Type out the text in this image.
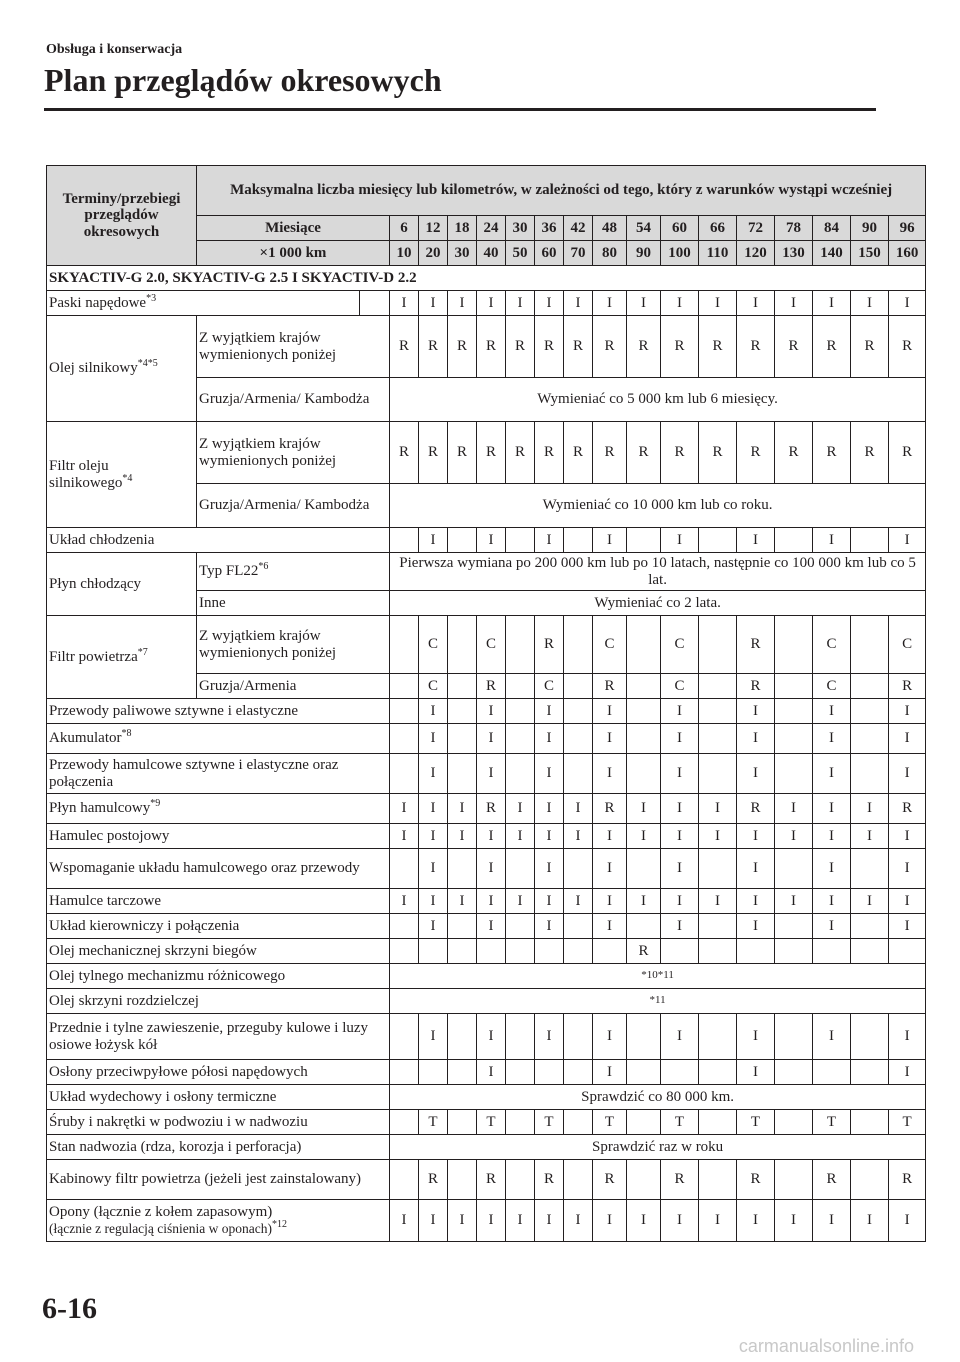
Obsługa i konserwacja
Plan przeglądów okresowych
Terminy/przebiegi przeglądów okresowych	Maksymalna liczba miesięcy lub kilometrów, w zależności od tego, który z warunków wystąpi wcześniej
Miesiące	6	12	18	24	30	36	42	48	54	60	66	72	78	84	90	96
×1 000 km	10	20	30	40	50	60	70	80	90	100	110	120	130	140	150	160
SKYACTIV-G 2.0, SKYACTIV-G 2.5 I SKYACTIV-D 2.2
Paski napędowe$^{*3}$		I	I	I	I	I	I	I	I	I	I	I	I	I	I	I	I
Olej silnikowy$^{*4*5}$	Z wyjątkiem krajów wymienionych poniżej	R	R	R	R	R	R	R	R	R	R	R	R	R	R	R	R
Gruzja/Armenia/ Kambodża	Wymieniać co 5 000 km lub 6 miesięcy.
Filtr oleju silnikowego$^{*4}$	Z wyjątkiem krajów wymienionych poniżej	R	R	R	R	R	R	R	R	R	R	R	R	R	R	R	R
Gruzja/Armenia/ Kambodża	Wymieniać co 10 000 km lub co roku.
Układ chłodzenia		I		I		I		I		I		I		I		I
Płyn chłodzący	Typ FL22$^{*6}$	Pierwsza wymiana po 200 000 km lub po 10 latach, następnie co 100 000 km lub co 5 lat.
Inne	Wymieniać co 2 lata.
Filtr powietrza$^{*7}$	Z wyjątkiem krajów wymienionych poniżej		C		C		R		C		C		R		C		C
Gruzja/Armenia		C		R		C		R		C		R		C		R
Przewody paliwowe sztywne i elastyczne		I		I		I		I		I		I		I		I
Akumulator$^{*8}$		I		I		I		I		I		I		I		I
Przewody hamulcowe sztywne i elastyczne oraz połączenia		I		I		I		I		I		I		I		I
Płyn hamulcowy$^{*9}$	I	I	I	R	I	I	I	R	I	I	I	R	I	I	I	R
Hamulec postojowy	I	I	I	I	I	I	I	I	I	I	I	I	I	I	I	I
Wspomaganie układu hamulcowego oraz przewody		I		I		I		I		I		I		I		I
Hamulce tarczowe	I	I	I	I	I	I	I	I	I	I	I	I	I	I	I	I
Układ kierowniczy i połączenia		I		I		I		I		I		I		I		I
Olej mechanicznej skrzyni biegów									R							
Olej tylnego mechanizmu różnicowego	*10*11
Olej skrzyni rozdzielczej	*11
Przednie i tylne zawieszenie, przeguby kulowe i luzy osiowe łożysk kół		I		I		I		I		I		I		I		I
Osłony przeciwpyłowe półosi napędowych				I				I				I				I
Układ wydechowy i osłony termiczne	Sprawdzić co 80 000 km.
Śruby i nakrętki w podwoziu i w nadwoziu		T		T		T		T		T		T		T		T
Stan nadwozia (rdza, korozja i perforacja)	Sprawdzić raz w roku
Kabinowy filtr powietrza (jeżeli jest zainstalowany)		R		R		R		R		R		R		R		R
Opony (łącznie z kołem zapasowym)
(łącznie z regulacją ciśnienia w oponach)$^{*12}$	I	I	I	I	I	I	I	I	I	I	I	I	I	I	I	I
6-16
carmanualsonline.info
